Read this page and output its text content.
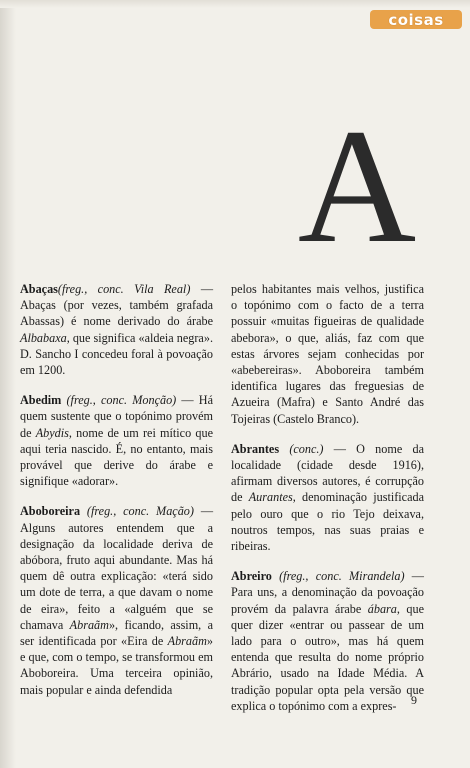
coisas
A

Abaças(freg., conc. Vila Real) — Abaças (por vezes, também grafada Abassas) é nome derivado do árabe Albabaxa, que significa «aldeia negra». D. Sancho I concedeu foral à povoação em 1200.

Abedim (freg., conc. Monção) — Há quem sustente que o topónimo provém de Abydis, nome de um rei mítico que aqui teria nascido. É, no entanto, mais provável que derive do árabe e signifique «adorar».

Aboboreira (freg., conc. Mação) — Alguns autores entendem que a designação da localidade deriva de abóbora, fruto aqui abundante. Mas há quem dê outra explicação: «terá sido um dote de terra, a que davam o nome de eira», feito a «alguém que se chamava Abraãm», ficando, assim, a ser identificada por «Eira de Abraãm» e que, com o tempo, se transformou em Aboboreira. Uma terceira opinião, mais popular e ainda defendida

pelos habitantes mais velhos, justifica o topónimo com o facto de a terra possuir «muitas figueiras de qualidade abebora», o que, aliás, faz com que estas árvores sejam conhecidas por «abebereiras». Aboboreira também identifica lugares das freguesias de Azueira (Mafra) e Santo André das Tojeiras (Castelo Branco).

Abrantes (conc.) — O nome da localidade (cidade desde 1916), afirmam diversos autores, é corrupção de Aurantes, denominação justificada pelo ouro que o rio Tejo deixava, noutros tempos, nas suas praias e ribeiras.

Abreiro (freg., conc. Mirandela) — Para uns, a denominação da povoação provém da palavra árabe ábara, que quer dizer «entrar ou passear de um lado para o outro», mas há quem entenda que resulta do nome próprio Abrário, usado na Idade Média. A tradição popular opta pela versão que explica o topónimo com a expres-	9
